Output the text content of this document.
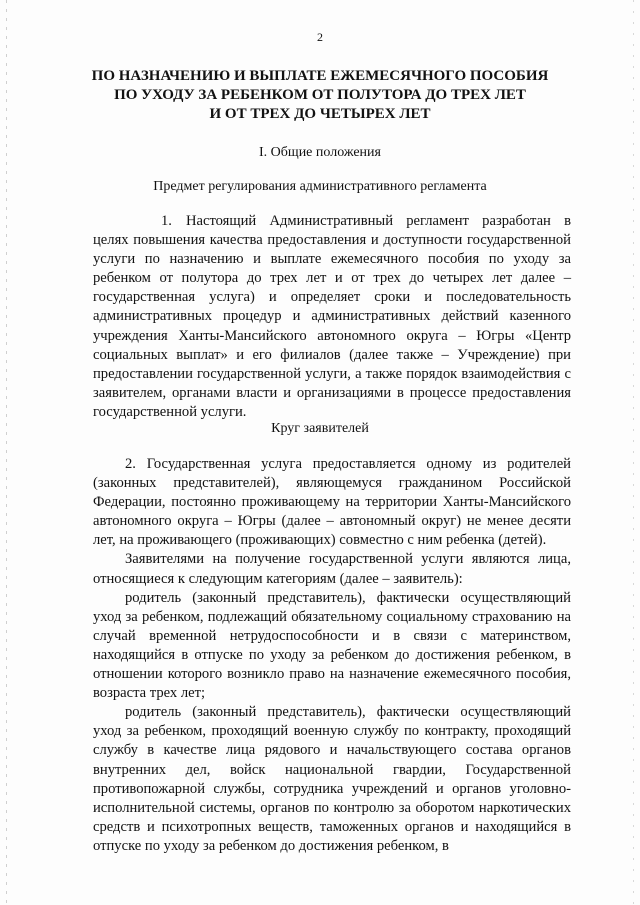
2
ПО НАЗНАЧЕНИЮ И ВЫПЛАТЕ ЕЖЕМЕСЯЧНОГО ПОСОБИЯ
ПО УХОДУ ЗА РЕБЕНКОМ ОТ ПОЛУТОРА ДО ТРЕХ ЛЕТ
И ОТ ТРЕХ ДО ЧЕТЫРЕХ ЛЕТ
I. Общие положения
Предмет регулирования административного регламента

1. Настоящий Административный регламент разработан в целях повышения качества предоставления и доступности государственной услуги по назначению и выплате ежемесячного пособия по уходу за ребенком от полутора до трех лет и от трех до четырех лет далее – государственная услуга) и определяет сроки и последовательность административных процедур и административных действий казенного учреждения Ханты-Мансийского автономного округа – Югры «Центр социальных выплат» и его филиалов (далее также – Учреждение) при предоставлении государственной услуги, а также порядок взаимодействия с заявителем, органами власти и организациями в процессе предоставления государственной услуги.

Круг заявителей

2. Государственная услуга предоставляется одному из родителей (законных представителей), являющемуся гражданином Российской Федерации, постоянно проживающему на территории Ханты-Мансийского автономного округа – Югры (далее – автономный округ) не менее десяти лет, на проживающего (проживающих) совместно с ним ребенка (детей).

Заявителями на получение государственной услуги являются лица, относящиеся к следующим категориям (далее – заявитель):

родитель (законный представитель), фактически осуществляющий уход за ребенком, подлежащий обязательному социальному страхованию на случай временной нетрудоспособности и в связи с материнством, находящийся в отпуске по уходу за ребенком до достижения ребенком, в отношении которого возникло право на назначение ежемесячного пособия, возраста трех лет;

родитель (законный представитель), фактически осуществляющий уход за ребенком, проходящий военную службу по контракту, проходящий службу в качестве лица рядового и начальствующего состава органов внутренних дел, войск национальной гвардии, Государственной противопожарной службы, сотрудника учреждений и органов уголовно-исполнительной системы, органов по контролю за оборотом наркотических средств и психотропных веществ, таможенных органов и находящийся в отпуске по уходу за ребенком до достижения ребенком, в
